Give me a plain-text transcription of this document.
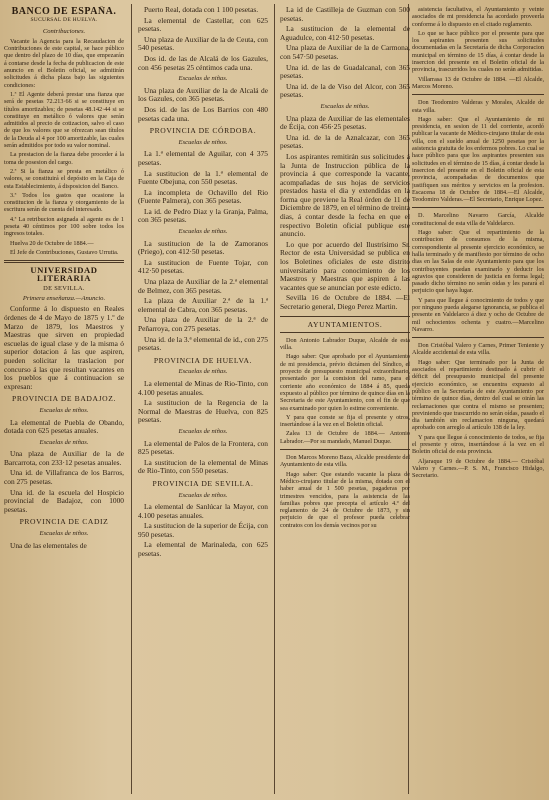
BANCO DE ESPAÑA.
SUCURSAL DE HUELVA.
Contribuciones.

Vacante la Agencia para la Recaudacion de Contribuciones de este capital, se hace público que dentro del plazo de 10 días, que empezarán á contarse desde la fecha de publicacion de este anuncio en el Boletin oficial, se admitirán solicitudes á dicha plaza bajo las siguientes condiciones:

1.ª El Agente deberá prestar una fianza que será de pesetas 72.213·66 si se constituye en títulos amortizables; de pesetas 48.142·44 si se constituye en metálico ó valores que serán admitidos al precio de cotizacion, salvo el caso de que los valores que se ofrezcan sean títulos de la Deuda al 4 por 100 amortizable, las cuales serán admitidos por todo su valor nominal.

La prestacion de la fianza debe proceder á la toma de posesion del cargo.

2.ª Si la fianza se presta en metálico ó valores, se constituirá el depósito en la Caja de esta Establecimiento, á disposicion del Banco.

3.ª Todos los gastos que ocasione la constitucion de la fianza y otorgamiento de la escritura serán de cuenta del interesado.

4.ª La retribucion asignada al agente es de 1 peseta 40 céntimos por 100 sobre todos los ingresos totales.

Huelva 20 de Octubre de 1884.—

El Jefe de Contribuciones, Gustavo Urrutia.

UNIVERSIDAD LITERARIA
DE SEVILLA.
Primera enseñanza.—Anuncio.

Conforme á lo dispuesto en Reales órdenes de 4 de Mayo de 1875 y 1.º de Marzo de 1879, los Maestros y Maestras que sirven en propiedad escuelas de igual clase y de la misma ó superior dotacion á las que aspiren, pueden solicitar la traslacion por concurso á las que resultan vacantes en los pueblos que á continuacion se expresan:

PROVINCIA DE BADAJOZ.
Escuelas de niños.

La elemental de Puebla de Obando, dotada con 625 pesetas anuales.

Escuelas de niñas.

Una plaza de Auxiliar de la de Barcarrota, con 233·12 pesetas anuales.

Una id. de Villafranca de los Barros, con 275 pesetas.

Una id. de la escuela del Hospicio provincial de Badajoz, con 1000 pesetas.

PROVINCIA DE CADIZ
Escuelas de niños.

Una de las elementales de

Puerto Real, dotada con 1 100 pesetas.

La elemental de Castellar, con 625 pesetas.

Una plaza de Auxiliar de la de Ceuta, con 540 pesetas.

Dos id. de las de Alcalá de los Gazules, con 456 pesetas 25 céntimos cada una.

Escuelas de niñas.

Una plaza de Auxiliar de la de Alcalá de los Gazules, con 365 pesetas.

Dos id. de las de Los Barrios con 480 pesetas cada una.

PROVINCIA DE CÓRDOBA.
Escuelas de niños.

La 1.ª elemental de Aguilar, con 4 375 pesetas.

La sustitucion de la 1.ª elemental de Fuente Obejuna, con 550 pesetas.

La incompleta de Ochavillo del Rio (Fuente Palmera), con 365 pesetas.

La id. de Pedro Diaz y la Granja, Palma, con 365 pesetas.

Escuelas de niñas.

La sustitucion de la de Zamoranos (Priego), con 412·50 pesetas.

La sustitucion de Fuente Tojar, con 412·50 pesetas.

Una plaza de Auxiliar de la 2.ª elemental de Belmez, con 365 pesetas.

La plaza de Auxiliar 2.ª de la 1.ª elemental de Cabra, con 365 pesetas.

Una plaza de Auxiliar de la 2.ª de Peñarroya, con 275 pesetas.

Una id. de la 3.ª elemental de id., con 275 pesetas.

PROVINCIA DE HUELVA.
Escuelas de niñas.

La elemental de Minas de Rio-Tinto, con 4.100 pesetas anuales.

La sustitucion de la Regencia de la Normal de Maestras de Huelva, con 825 pesetas.

Escuelas de niños.

La elemental de Palos de la Frontera, con 825 pesetas.

La sustitucion de la elemental de Minas de Rio-Tinto, con 550 pesetas.

PROVINCIA DE SEVILLA.
Escuelas de niños.

La elemental de Sanlúcar la Mayor, con 4.100 pesetas anuales.

La sustitucion de la superior de Écija, con 950 pesetas.

La elemental de Marinaleda, con 625 pesetas.

La id de Castilleja de Guzman con 500 pesetas.

La sustitucion de la elemental de Aguadulce, con 412·50 pesetas.

Una plaza de Auxiliar de la de Carmona, con 547·50 pesetas.

Una id. de las de Guadalcanal, con 365 pesetas.

Una id. de la de Viso del Alcor, con 365 pesetas.

Escuelas de niñas.

Una plaza de Auxiliar de las elementales de Écija, con 456·25 pesetas.

Una id. de la de Aznalcazar, con 365 pesetas.

Los aspirantes remitirán sus solicitudes á la Junta de Instruccion pública de la provincia á que corresponde la vacante, acompañadas de sus hojas de servicios prestados hasta el dia y extendidas en la forma que previene la Real órden de 11 de Diciembre de 1879, en el término de treinta dias, á contar desde la fecha en que el respectivo Boletin oficial publique este anuncio.

Lo que por acuerdo del Ilustrísimo Sr. Rector de esta Universidad se publica en los Boletines oficiales de este distrito universitario para conocimiento de los Maestros y Maestras que aspiren á las vacantes que se anuncian por este edicto.

Sevilla 16 de Octubre de 1884. —El Secretario general, Diego Perez Martin.

AYUNTAMIENTOS.

Don Antonio Labrador Duque, Alcalde de esta villa.

Hago saber: Que aprobado por el Ayuntamiento de mi presidencia, prévio dictámen del Síndico, el proyecto de presupuesto municipal extraordinario, presentado por la comision del ramo, para el corriente año económico de 1884 á 85, queda expuesto al público por término de quince días en la Secretaria de este Ayuntamiento, con el fin de que sea examinado por quien lo estime conveniente.

Y para que conste se fija el presente y otros, insertándose á la vez en el Boletin oficial.

Zalea 13 de Octubre de 1884.— Antonio Labrador.—Por su mandado, Manuel Duque.

Don Marcos Moreno Baza, Alcalde presidente del Ayuntamiento de esta villa.

Hago saber: Que estando vacante la plaza de Médico-cirujano titular de la misma, dotada con el haber anual de 1 500 pesetas, pagaderas por trimestres vencidos, para la asistencia de las familias pobres que precepta el artículo 4.º del reglamento de 24 de Octubre de 1873, y sin perjuicio de que el profesor pueda celebrar contratos con los demás vecinos por su

asistencia facultativa, el Ayuntamiento y veinte asociados de mi presidencia ha acordado proveerla conforme á lo dispuesto en el citado reglamento.

Lo que se hace público por el presente para que los aspirantes presenten sus solicitudes documentadas en la Secretaría de dicha Corporacion municipal en término de 15 días, á contar desde la insercion del presente en el Boletin oficial de la provincia, trascurridos los cuales no serán admitidas.

Villarrasa 13 de Octubre de 1884. —El Alcalde, Marcos Moreno.

Don Teodomiro Valderas y Morales, Alcalde de esta villa.

Hago saber: Que el Ayuntamiento de mi presidencia, en sesion de 11 del corriente, acordó publicar la vacante de Médico-cirujano titular de esta villa, con el sueldo anual de 1250 pesetas por la asistencia gratuita de los enfermos pobres. Lo cual se hace público para que los aspirantes presenten sus solicitudes en el término de 15 días, á contar desde la insercion del presente en el Boletin oficial de esta provincia, acompañadas de documentos que justifiquen sus méritos y servicios en la profesion. Escacena 18 de Octubre de 1884.—El Alcalde, Teodomiro Valderas.—El Secretario, Enrique Lopez.

D. Marcelino Navarro García, Alcalde constitucional de esta villa de Valdelarco.

Hago saber: Que el repartimiento de la contribucion de consumos de la misma, correspondiente al presente ejercicio económico, se halla terminado y de manifiesto por término de ocho dias en las Salas de este Ayuntamiento para que los contribuyentes puedan examinarlo y deducir los agravios que consideren de justicia en forma legal; pasado dicho término no serán oidas y les parará el perjuicio que haya lugar.

Y para que llegue á conocimiento de todos y que por ninguno pueda alegarse ignorancia, se publica el presente en Valdelarco á diez y ocho de Octubre de mil ochocientos ochenta y cuatro.—Marcelino Navarro.

Don Cristóbal Valero y Carnes, Primer Teniente y Alcalde accidental de esta villa.

Hago saber: Que terminado por la Junta de asociados el repartimiento destinado á cubrir el déficit del presupuesto municipal del presente ejercicio económico, se encuentra expuesto al público en la Secretaría de este Ayuntamiento por término de quince días, dentro del cual se oirán las reclamaciones que contra el mismo se presenten; previniendo que trascurrido no serán oídas, pasado el dia también sin reclamacion ninguna, quedará aprobado con arreglo al artículo 138 de la ley.

Y para que llegue á conocimiento de todos, se fija el presente y otros, insertándose á la vez en el Boletin oficial de esta provincia.

Aljaraque 19 de Octubre de 1884.— Cristóbal Valero y Carnes.—P. S. M., Francisco Hidalgo, Secretario.
